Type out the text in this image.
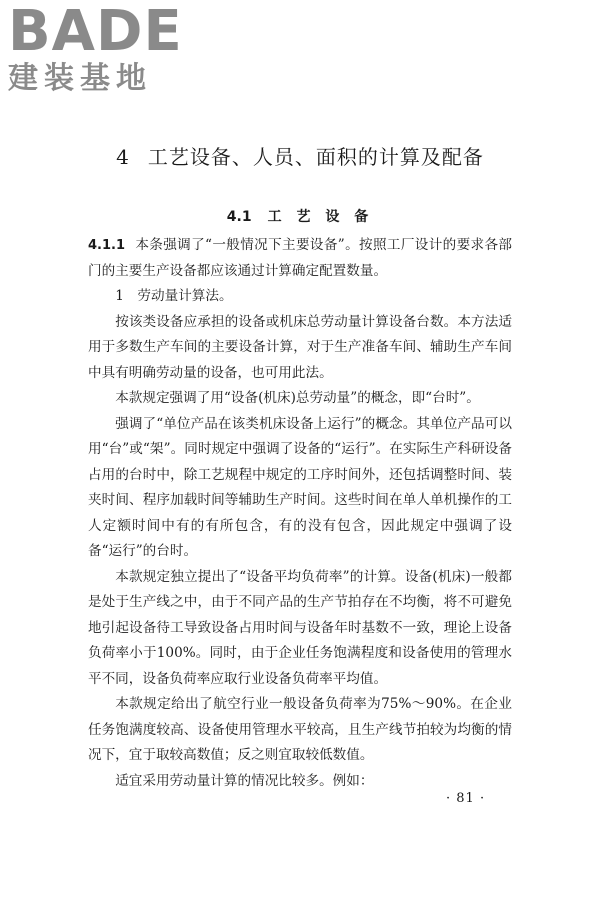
BADE
建装基地
4 工艺设备、人员、面积的计算及配备
4.1 工 艺 设 备

4.1.1 本条强调了“一般情况下主要设备”。按照工厂设计的要求各部门的主要生产设备都应该通过计算确定配置数量。

1　劳动量计算法。

按该类设备应承担的设备或机床总劳动量计算设备台数。本方法适用于多数生产车间的主要设备计算，对于生产准备车间、辅助生产车间中具有明确劳动量的设备，也可用此法。

本款规定强调了用“设备(机床)总劳动量”的概念，即“台时”。

强调了“单位产品在该类机床设备上运行”的概念。其单位产品可以用“台”或“架”。同时规定中强调了设备的“运行”。在实际生产科研设备占用的台时中，除工艺规程中规定的工序时间外，还包括调整时间、装夹时间、程序加载时间等辅助生产时间。这些时间在单人单机操作的工人定额时间中有的有所包含，有的没有包含，因此规定中强调了设备“运行”的台时。

本款规定独立提出了“设备平均负荷率”的计算。设备(机床)一般都是处于生产线之中，由于不同产品的生产节拍存在不均衡，将不可避免地引起设备待工导致设备占用时间与设备年时基数不一致，理论上设备负荷率小于100%。同时，由于企业任务饱满程度和设备使用的管理水平不同，设备负荷率应取行业设备负荷率平均值。

本款规定给出了航空行业一般设备负荷率为75%～90%。在企业任务饱满度较高、设备使用管理水平较高，且生产线节拍较为均衡的情况下，宜于取较高数值；反之则宜取较低数值。

适宜采用劳动量计算的情况比较多。例如：

· 81 ·
